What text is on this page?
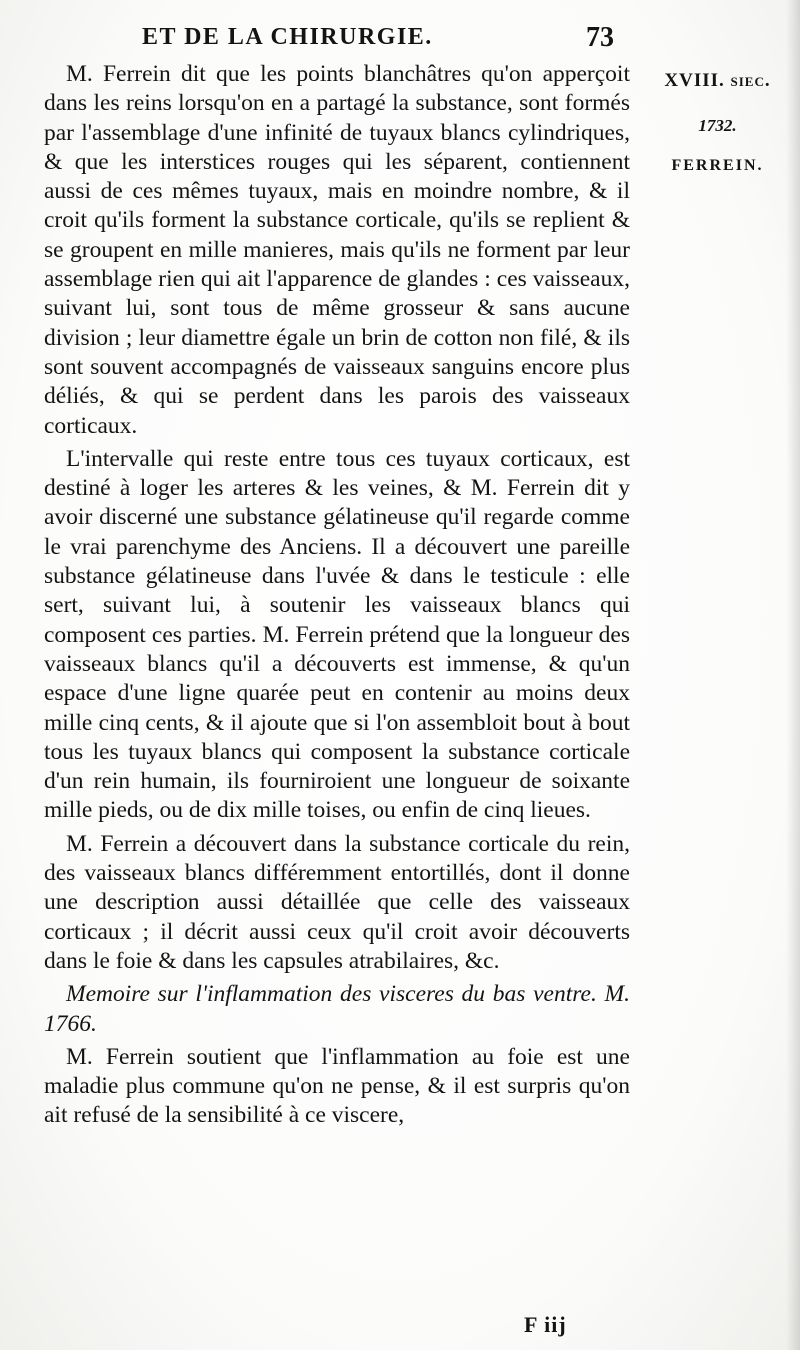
ET DE LA CHIRURGIE.	73
XVIII. siec.
1732.
FERREIN.

M. Ferrein dit que les points blanchâtres qu'on apperçoit dans les reins lorsqu'on en a partagé la substance, sont formés par l'assemblage d'une infinité de tuyaux blancs cylindriques, & que les interstices rouges qui les séparent, contiennent aussi de ces mêmes tuyaux, mais en moindre nombre, & il croit qu'ils forment la substance corticale, qu'ils se replient & se groupent en mille manieres, mais qu'ils ne forment par leur assemblage rien qui ait l'apparence de glandes : ces vaisseaux, suivant lui, sont tous de même grosseur & sans aucune division ; leur diamettre égale un brin de cotton non filé, & ils sont souvent accompagnés de vaisseaux sanguins encore plus déliés, & qui se perdent dans les parois des vaisseaux corticaux.

L'intervalle qui reste entre tous ces tuyaux corticaux, est destiné à loger les arteres & les veines, & M. Ferrein dit y avoir discerné une substance gélatineuse qu'il regarde comme le vrai parenchyme des Anciens. Il a découvert une pareille substance gélatineuse dans l'uvée & dans le testicule : elle sert, suivant lui, à soutenir les vaisseaux blancs qui composent ces parties. M. Ferrein prétend que la longueur des vaisseaux blancs qu'il a découverts est immense, & qu'un espace d'une ligne quarée peut en contenir au moins deux mille cinq cents, & il ajoute que si l'on assembloit bout à bout tous les tuyaux blancs qui composent la substance corticale d'un rein humain, ils fourniroient une longueur de soixante mille pieds, ou de dix mille toises, ou enfin de cinq lieues.

M. Ferrein a découvert dans la substance corticale du rein, des vaisseaux blancs différemment entortillés, dont il donne une description aussi détaillée que celle des vaisseaux corticaux ; il décrit aussi ceux qu'il croit avoir découverts dans le foie & dans les capsules atrabilaires, &c.

Memoire sur l'inflammation des visceres du bas ventre. M. 1766.

M. Ferrein soutient que l'inflammation au foie est une maladie plus commune qu'on ne pense, & il est surpris qu'on ait refusé de la sensibilité à ce viscere,

F iij
